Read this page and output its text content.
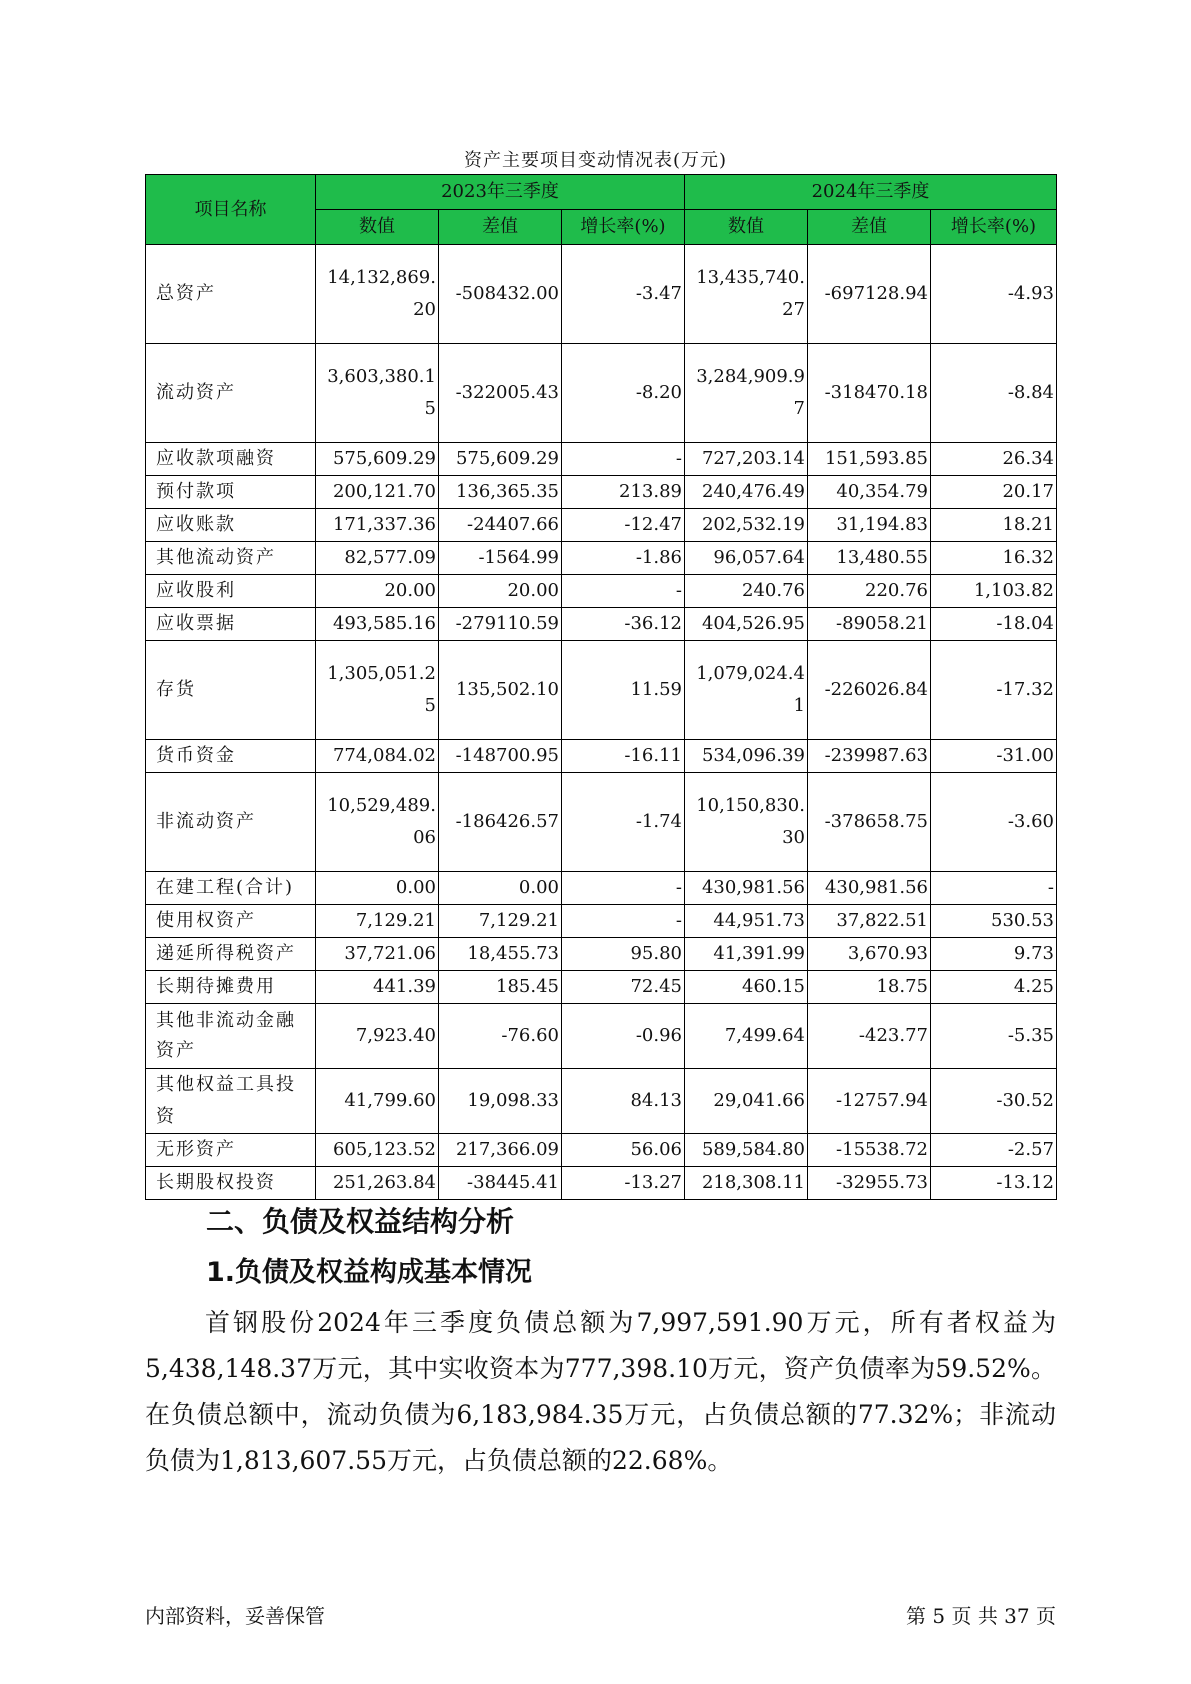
资产主要项目变动情况表(万元)
项目名称	2023年三季度			2024年三季度		
	数值	差值	增长率(%)	数值	差值	增长率(%)
总资产	14,132,869.20	-508432.00	-3.47	13,435,740.27	-697128.94	-4.93
流动资产	3,603,380.15	-322005.43	-8.20	3,284,909.97	-318470.18	-8.84
应收款项融资	575,609.29	575,609.29	-	727,203.14	151,593.85	26.34
预付款项	200,121.70	136,365.35	213.89	240,476.49	40,354.79	20.17
应收账款	171,337.36	-24407.66	-12.47	202,532.19	31,194.83	18.21
其他流动资产	82,577.09	-1564.99	-1.86	96,057.64	13,480.55	16.32
应收股利	20.00	20.00	-	240.76	220.76	1,103.82
应收票据	493,585.16	-279110.59	-36.12	404,526.95	-89058.21	-18.04
存货	1,305,051.25	135,502.10	11.59	1,079,024.41	-226026.84	-17.32
货币资金	774,084.02	-148700.95	-16.11	534,096.39	-239987.63	-31.00
非流动资产	10,529,489.06	-186426.57	-1.74	10,150,830.30	-378658.75	-3.60
在建工程(合计)	0.00	0.00	-	430,981.56	430,981.56	-
使用权资产	7,129.21	7,129.21	-	44,951.73	37,822.51	530.53
递延所得税资产	37,721.06	18,455.73	95.80	41,391.99	3,670.93	9.73
长期待摊费用	441.39	185.45	72.45	460.15	18.75	4.25
其他非流动金融资产	7,923.40	-76.60	-0.96	7,499.64	-423.77	-5.35
其他权益工具投资	41,799.60	19,098.33	84.13	29,041.66	-12757.94	-30.52
无形资产	605,123.52	217,366.09	56.06	589,584.80	-15538.72	-2.57
长期股权投资	251,263.84	-38445.41	-13.27	218,308.11	-32955.73	-13.12
二、负债及权益结构分析
1.负债及权益构成基本情况

首钢股份2024年三季度负债总额为7,997,591.90万元，所有者权益为5,438,148.37万元，其中实收资本为777,398.10万元，资产负债率为59.52%。在负债总额中，流动负债为6,183,984.35万元，占负债总额的77.32%；非流动负债为1,813,607.55万元，占负债总额的22.68%。

内部资料，妥善保管	第 5 页 共 37 页
